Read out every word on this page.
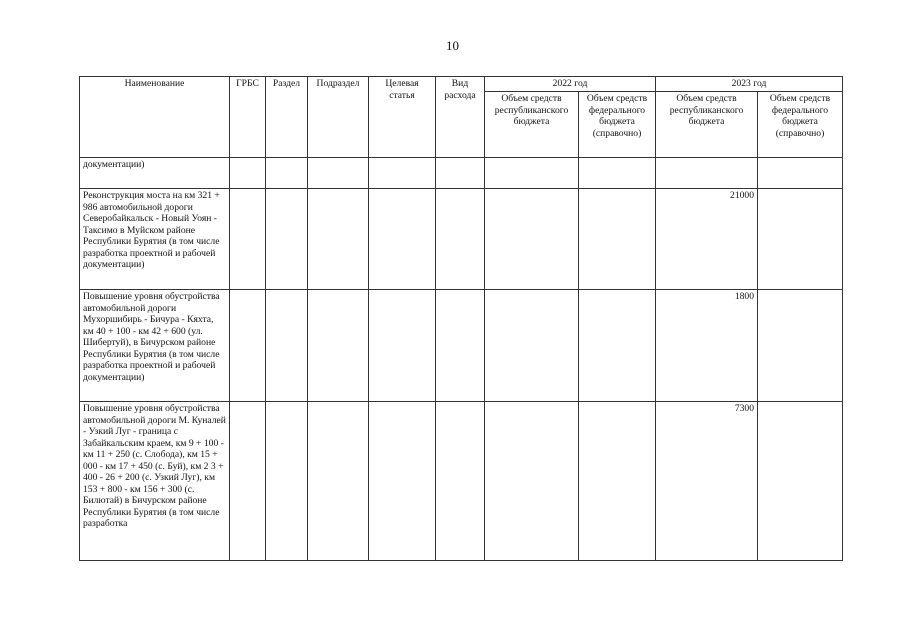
10
Наименование	ГРБС	Раздел	Подраздел	Целевая статья	Вид расхода	2022 год		2023 год	
						Объем средств республиканского бюджета	Объем средств федерального бюджета (справочно)	Объем средств республиканского бюджета	Объем средств федерального бюджета (справочно)
документации)									
Реконструкция моста на км 321 + 986 автомобильной дороги Северобайкальск - Новый Уоян - Таксимо в Муйском районе Республики Бурятия (в том числе разработка проектной и рабочей документации)								21000	
Повышение уровня обустройства автомобильной дороги Мухоршибирь - Бичура - Кяхта, км 40 + 100 - км 42 + 600 (ул. Шибертуй), в Бичурском районе Республики Бурятия (в том числе разработка проектной и рабочей документации)								1800	
Повышение уровня обустройства автомобильной дороги М. Куналей - Узкий Луг - граница с Забайкальским краем, км 9 + 100 - км 11 + 250 (с. Слобода), км 15 + 000 - км 17 + 450 (с. Буй), км 2 3 + 400 - 26 + 200 (с. Узкий Луг), км 153 + 800 - км 156 + 300 (с. Билютай) в Бичурском районе Республики Бурятия (в том числе разработка								7300	
